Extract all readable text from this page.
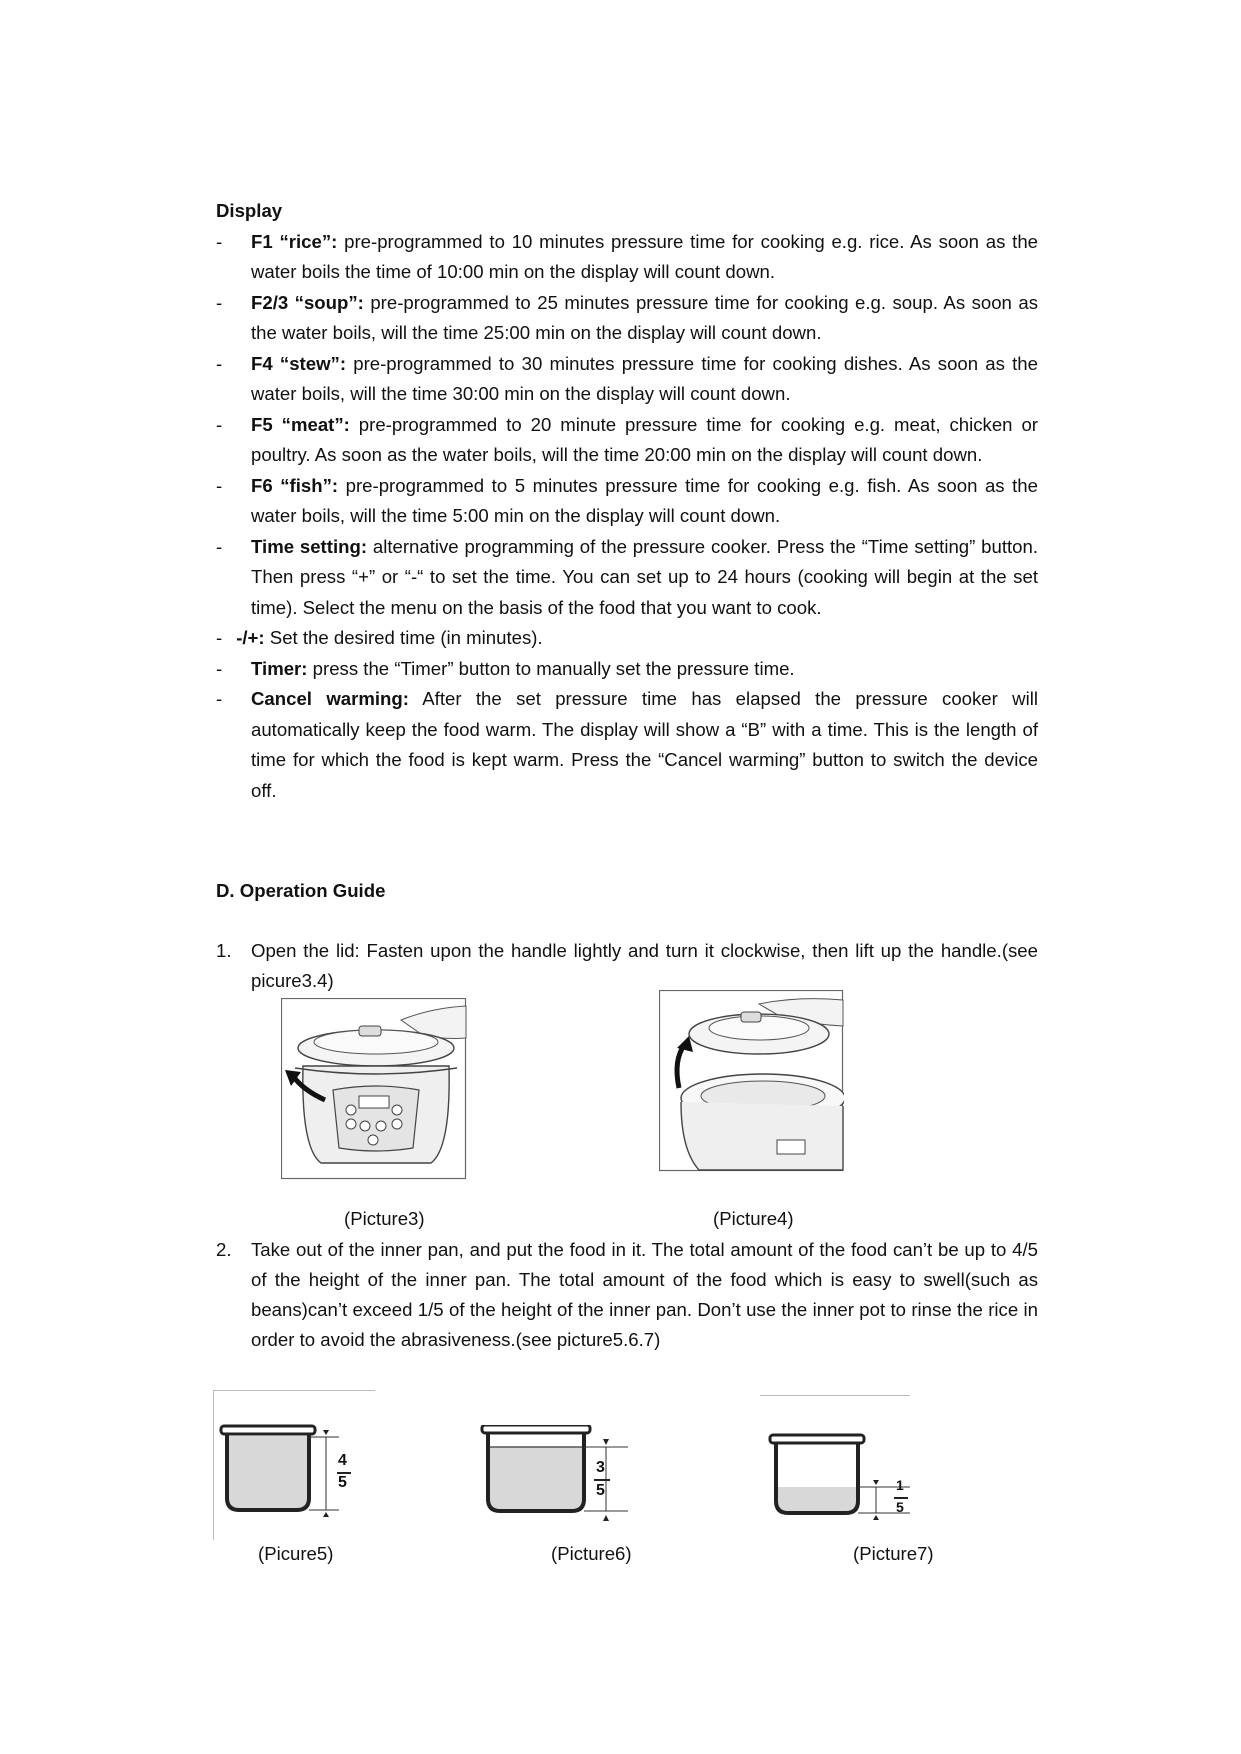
Display

- F1 “rice”: pre-programmed to 10 minutes pressure time for cooking e.g. rice. As soon as the water boils the time of 10:00 min on the display will count down.
- F2/3 “soup”: pre-programmed to 25 minutes pressure time for cooking e.g. soup. As soon as the water boils, will the time 25:00 min on the display will count down.
- F4 “stew”: pre-programmed to 30 minutes pressure time for cooking dishes. As soon as the water boils, will the time 30:00 min on the display will count down.
- F5 “meat”: pre-programmed to 20 minute pressure time for cooking e.g. meat, chicken or poultry. As soon as the water boils, will the time 20:00 min on the display will count down.
- F6 “fish”: pre-programmed to 5 minutes pressure time for cooking e.g. fish. As soon as the water boils, will the time 5:00 min on the display will count down.
- Time setting: alternative programming of the pressure cooker. Press the “Time setting” button. Then press “+” or “-“ to set the time. You can set up to 24 hours (cooking will begin at the set time). Select the menu on the basis of the food that you want to cook.
- -/+: Set the desired time (in minutes).
- Timer: press the “Timer” button to manually set the pressure time.
- Cancel warming: After the set pressure time has elapsed the pressure cooker will automatically keep the food warm. The display will show a “B” with a time. This is the length of time for which the food is kept warm. Press the “Cancel warming” button to switch the device off.
D. Operation Guide
1. Open the lid: Fasten upon the handle lightly and turn it clockwise, then lift up the handle.(see picure3.4)
(Picture3)	(Picture4)
2. Take out of the inner pan, and put the food in it. The total amount of the food can’t be up to 4/5 of the height of the inner pan. The total amount of the food which is easy to swell(such as beans)can’t exceed 1/5 of the height of the inner pan. Don’t use the inner pot to rinse the rice in order to avoid the abrasiveness.(see picture5.6.7)
4
5
3
5	1
5
(Picure5)	(Picture6)	(Picture7)
